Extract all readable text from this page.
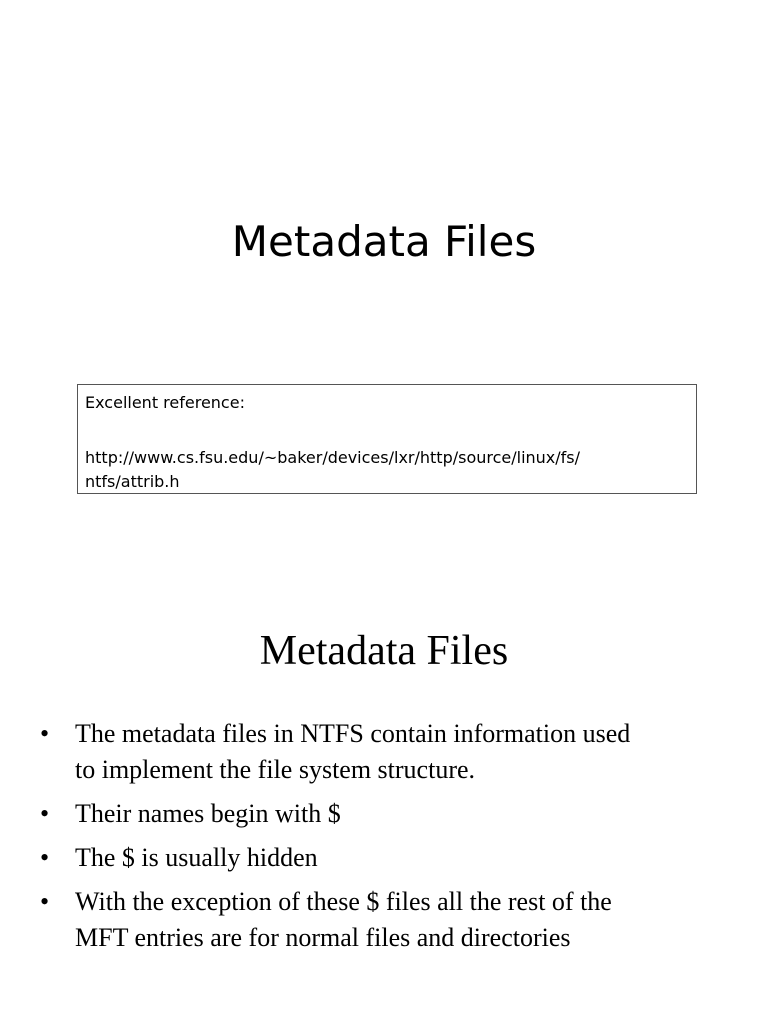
Metadata Files
Excellent reference:
http://www.cs.fsu.edu/~baker/devices/lxr/http/source/linux/fs/
ntfs/attrib.h
Metadata Files
• The metadata files in NTFS contain information used
to implement the file system structure.
• Their names begin with $
• The $ is usually hidden
• With the exception of these $ files all the rest of the
MFT entries are for normal files and directories
